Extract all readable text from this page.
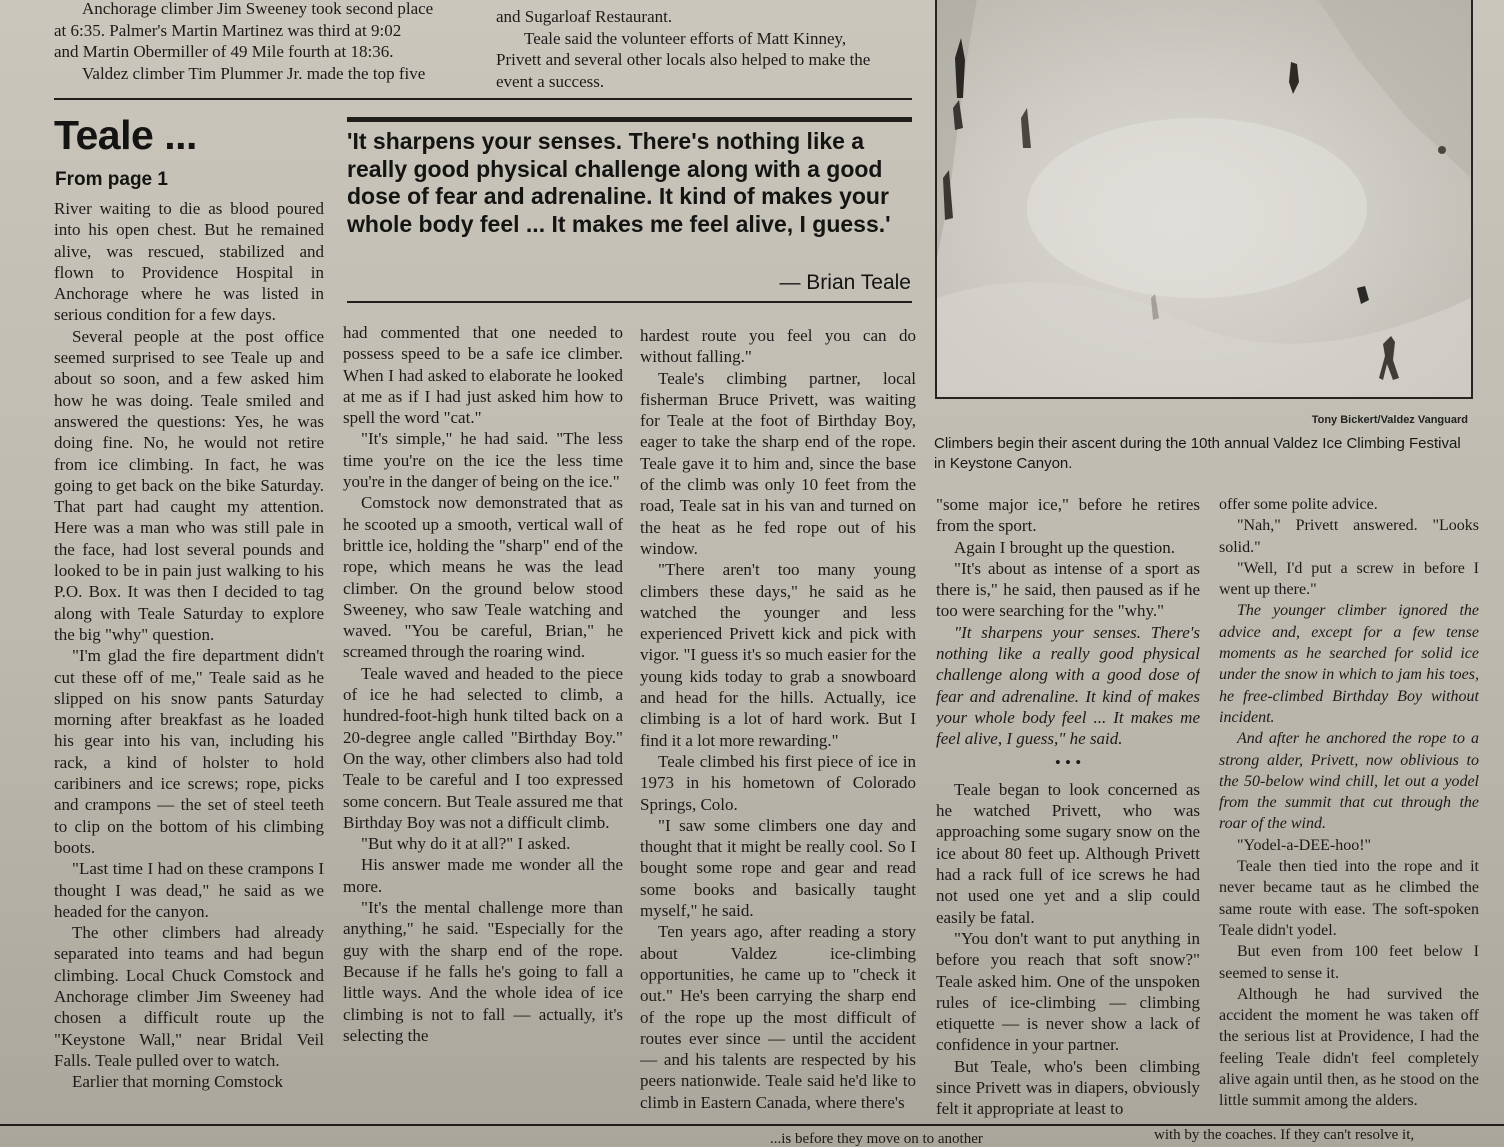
Anchorage climber Jim Sweeney took second place

at 6:35. Palmer's Martin Martinez was third at 9:02

and Martin Obermiller of 49 Mile fourth at 18:36.

Valdez climber Tim Plummer Jr. made the top five

and Sugarloaf Restaurant.

Teale said the volunteer efforts of Matt Kinney,

Privett and several other locals also helped to make the

event a success.

Teale ...
From page 1
'It sharpens your senses. There's nothing like a really good physical challenge along with a good dose of fear and adrenaline. It kind of makes your whole body feel ... It makes me feel alive, I guess.'
— Brian Teale
Tony Bickert/Valdez Vanguard
Climbers begin their ascent during the 10th annual Valdez Ice Climbing Festival in Keystone Canyon.

River waiting to die as blood poured into his open chest. But he remained alive, was rescued, stabilized and flown to Providence Hospital in Anchorage where he was listed in serious condition for a few days.

Several people at the post office seemed surprised to see Teale up and about so soon, and a few asked him how he was doing. Teale smiled and answered the questions: Yes, he was doing fine. No, he would not retire from ice climbing. In fact, he was going to get back on the bike Saturday. That part had caught my attention. Here was a man who was still pale in the face, had lost several pounds and looked to be in pain just walking to his P.O. Box. It was then I decided to tag along with Teale Saturday to explore the big "why" question.

"I'm glad the fire department didn't cut these off of me," Teale said as he slipped on his snow pants Saturday morning after breakfast as he loaded his gear into his van, including his rack, a kind of holster to hold caribiners and ice screws; rope, picks and crampons — the set of steel teeth to clip on the bottom of his climbing boots.

"Last time I had on these crampons I thought I was dead," he said as we headed for the canyon.

The other climbers had already separated into teams and had begun climbing. Local Chuck Comstock and Anchorage climber Jim Sweeney had chosen a difficult route up the "Keystone Wall," near Bridal Veil Falls. Teale pulled over to watch.

Earlier that morning Comstock

had commented that one needed to possess speed to be a safe ice climber. When I had asked to elaborate he looked at me as if I had just asked him how to spell the word "cat."

"It's simple," he had said. "The less time you're on the ice the less time you're in the danger of being on the ice."

Comstock now demonstrated that as he scooted up a smooth, vertical wall of brittle ice, holding the "sharp" end of the rope, which means he was the lead climber. On the ground below stood Sweeney, who saw Teale watching and waved. "You be careful, Brian," he screamed through the roaring wind.

Teale waved and headed to the piece of ice he had selected to climb, a hundred-foot-high hunk tilted back on a 20-degree angle called "Birthday Boy." On the way, other climbers also had told Teale to be careful and I too expressed some concern. But Teale assured me that Birthday Boy was not a difficult climb.

"But why do it at all?" I asked.

His answer made me wonder all the more.

"It's the mental challenge more than anything," he said. "Especially for the guy with the sharp end of the rope. Because if he falls he's going to fall a little ways. And the whole idea of ice climbing is not to fall — actually, it's selecting the

hardest route you feel you can do without falling."

Teale's climbing partner, local fisherman Bruce Privett, was waiting for Teale at the foot of Birthday Boy, eager to take the sharp end of the rope. Teale gave it to him and, since the base of the climb was only 10 feet from the road, Teale sat in his van and turned on the heat as he fed rope out of his window.

"There aren't too many young climbers these days," he said as he watched the younger and less experienced Privett kick and pick with vigor. "I guess it's so much easier for the young kids today to grab a snowboard and head for the hills. Actually, ice climbing is a lot of hard work. But I find it a lot more rewarding."

Teale climbed his first piece of ice in 1973 in his hometown of Colorado Springs, Colo.

"I saw some climbers one day and thought that it might be really cool. So I bought some rope and gear and read some books and basically taught myself," he said.

Ten years ago, after reading a story about Valdez ice-climbing opportunities, he came up to "check it out." He's been carrying the sharp end of the rope up the most difficult of routes ever since — until the accident — and his talents are respected by his peers nationwide. Teale said he'd like to climb in Eastern Canada, where there's

"some major ice," before he retires from the sport.

Again I brought up the question.

"It's about as intense of a sport as there is," he said, then paused as if he too were searching for the "why."

"It sharpens your senses. There's nothing like a really good physical challenge along with a good dose of fear and adrenaline. It kind of makes your whole body feel ... It makes me feel alive, I guess," he said.

• • •

Teale began to look concerned as he watched Privett, who was approaching some sugary snow on the ice about 80 feet up. Although Privett had a rack full of ice screws he had not used one yet and a slip could easily be fatal.

"You don't want to put anything in before you reach that soft snow?" Teale asked him. One of the unspoken rules of ice-climbing — climbing etiquette — is never show a lack of confidence in your partner.

But Teale, who's been climbing since Privett was in diapers, obviously felt it appropriate at least to

offer some polite advice.

"Nah," Privett answered. "Looks solid."

"Well, I'd put a screw in before I went up there."

The younger climber ignored the advice and, except for a few tense moments as he searched for solid ice under the snow in which to jam his toes, he free-climbed Birthday Boy without incident.

And after he anchored the rope to a strong alder, Privett, now oblivious to the 50-below wind chill, let out a yodel from the summit that cut through the roar of the wind.

"Yodel-a-DEE-hoo!"

Teale then tied into the rope and it never became taut as he climbed the same route with ease. The soft-spoken Teale didn't yodel.

But even from 100 feet below I seemed to sense it.

Although he had survived the accident the moment he was taken off the serious list at Providence, I had the feeling Teale didn't feel completely alive again until then, as he stood on the little summit among the alders.

...is before they move on to another	with by the coaches. If they can't resolve it,
